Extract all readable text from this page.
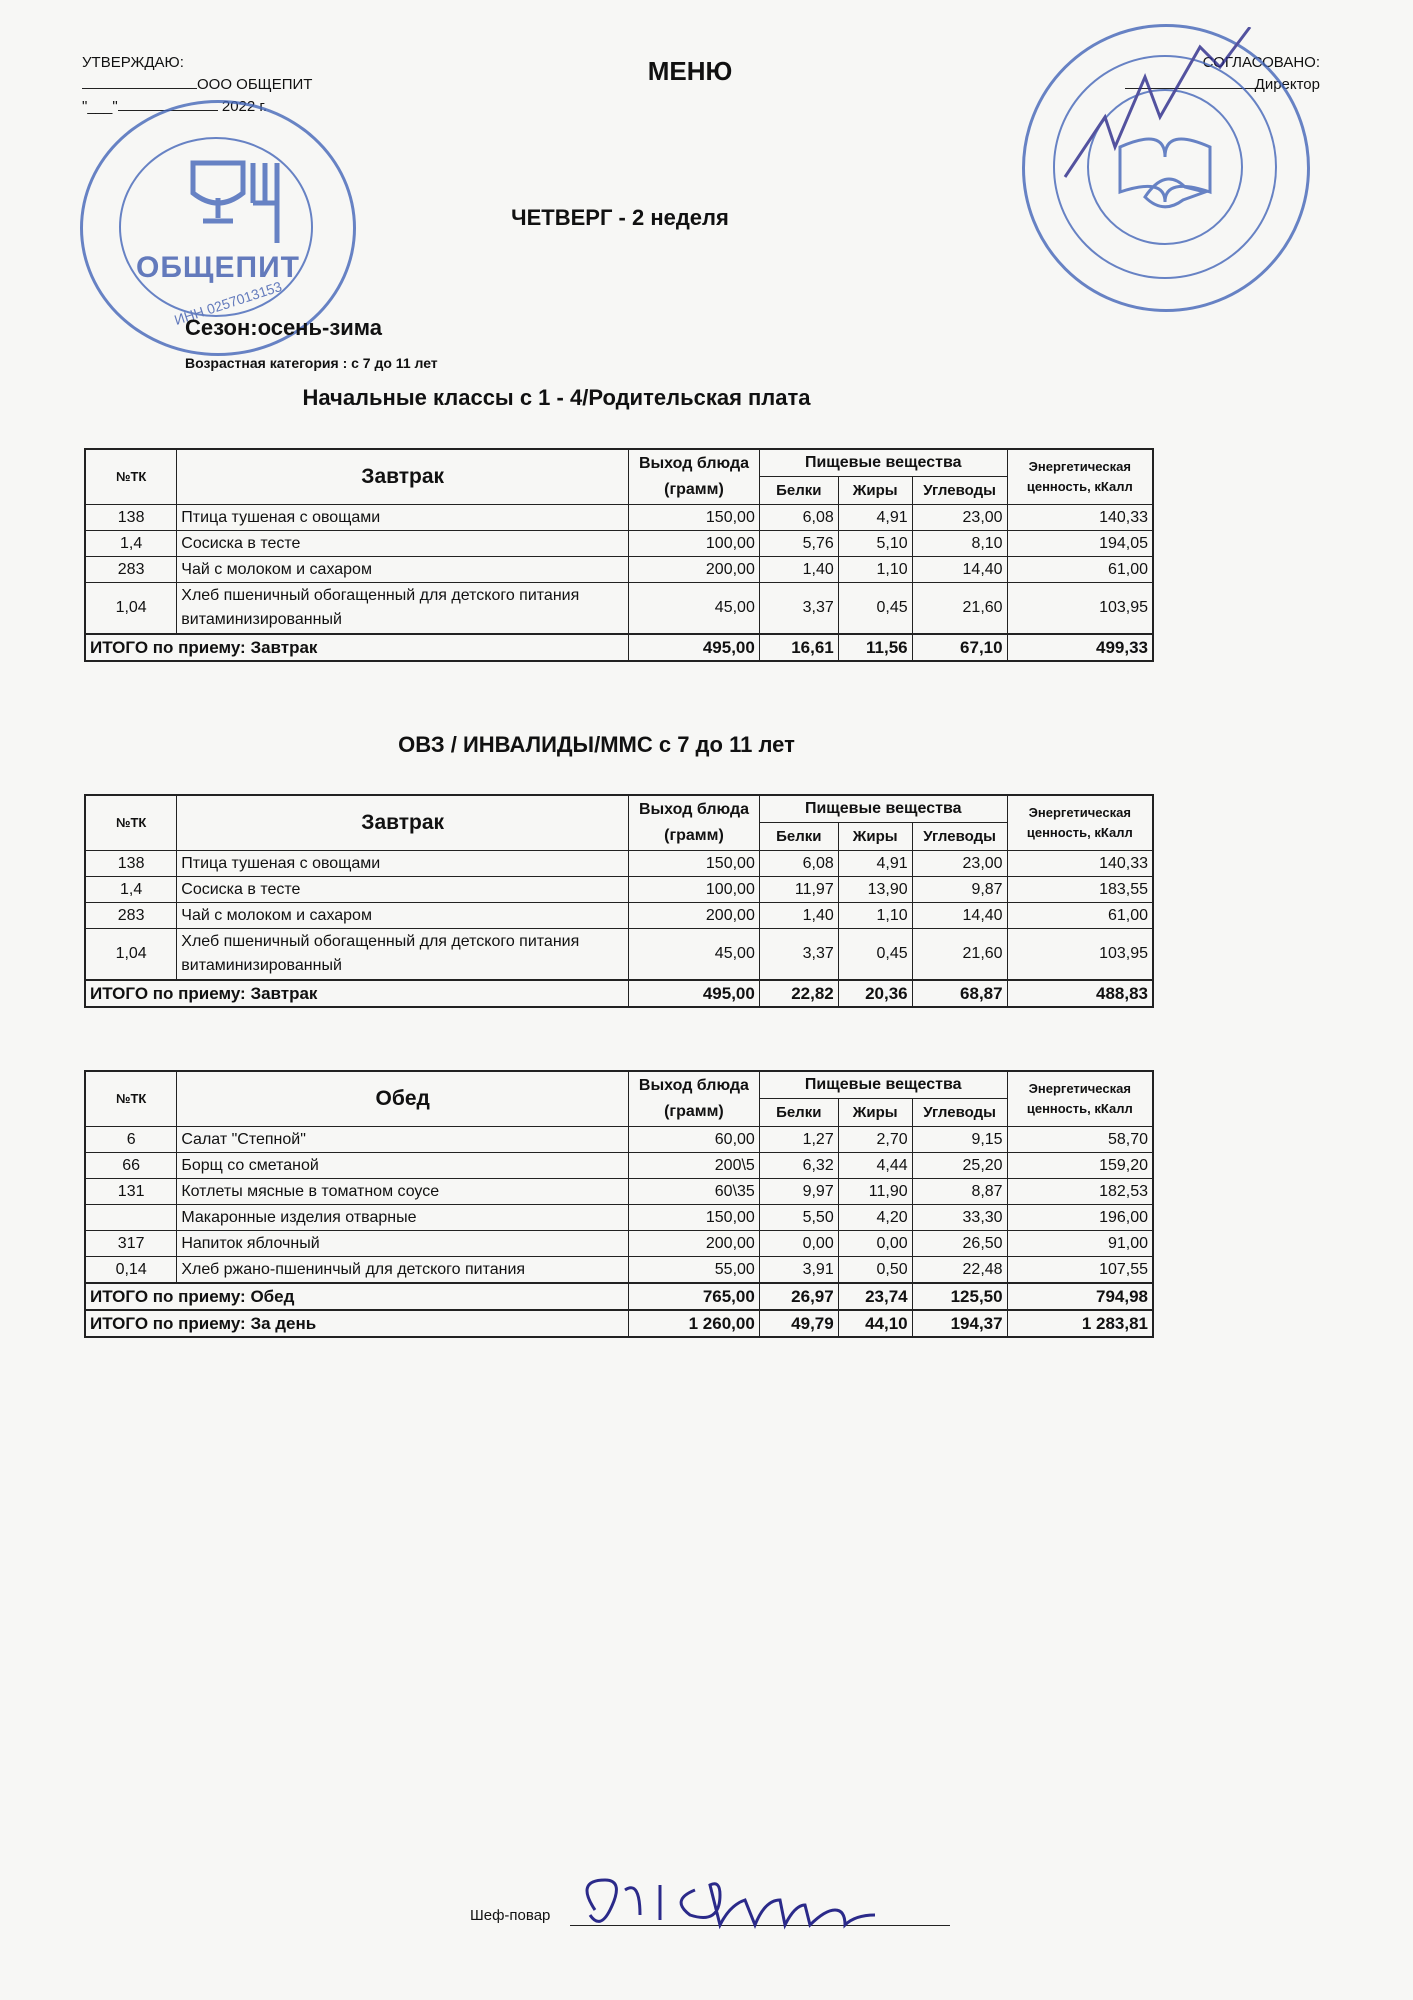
УТВЕРЖДАЮ:
ООО ОБЩЕПИТ
"___"	2022 г.
СОГЛАСОВАНО:
Директор
МЕНЮ
ОБЩЕПИТ
ИНН 0257013153
ЧЕТВЕРГ - 2 неделя
Сезон:осень-зима
Возрастная категория : с 7 до 11 лет
Начальные классы с 1 - 4/Родительская плата
№ТК	Завтрак	Выход блюда (грамм)	Пищевые вещества			Энергетическая ценность, кКалл
			Белки	Жиры	Углеводы	
138	Птица тушеная с овощами	150,00	6,08	4,91	23,00	140,33
1,4	Сосиска в тесте	100,00	5,76	5,10	8,10	194,05
283	Чай с молоком и сахаром	200,00	1,40	1,10	14,40	61,00
1,04	Хлеб пшеничный обогащенный для детского питания витаминизированный	45,00	3,37	0,45	21,60	103,95
ИТОГО по приему: Завтрак		495,00	16,61	11,56	67,10	499,33
ОВЗ / ИНВАЛИДЫ/ММС с 7 до 11 лет
№ТК	Завтрак	Выход блюда (грамм)	Пищевые вещества			Энергетическая ценность, кКалл
			Белки	Жиры	Углеводы	
138	Птица тушеная с овощами	150,00	6,08	4,91	23,00	140,33
1,4	Сосиска в тесте	100,00	11,97	13,90	9,87	183,55
283	Чай с молоком и сахаром	200,00	1,40	1,10	14,40	61,00
1,04	Хлеб пшеничный обогащенный для детского питания витаминизированный	45,00	3,37	0,45	21,60	103,95
ИТОГО по приему: Завтрак		495,00	22,82	20,36	68,87	488,83
№ТК	Обед	Выход блюда (грамм)	Пищевые вещества			Энергетическая ценность, кКалл
			Белки	Жиры	Углеводы	
6	Салат "Степной"	60,00	1,27	2,70	9,15	58,70
66	Борщ со сметаной	200\5	6,32	4,44	25,20	159,20
131	Котлеты мясные в томатном соусе	60\35	9,97	11,90	8,87	182,53
	Макаронные изделия отварные	150,00	5,50	4,20	33,30	196,00
317	Напиток яблочный	200,00	0,00	0,00	26,50	91,00
0,14	Хлеб ржано-пшенинчый для детского питания	55,00	3,91	0,50	22,48	107,55
ИТОГО по приему: Обед		765,00	26,97	23,74	125,50	794,98
ИТОГО по приему: За день		1 260,00	49,79	44,10	194,37	1 283,81
Шеф-повар
